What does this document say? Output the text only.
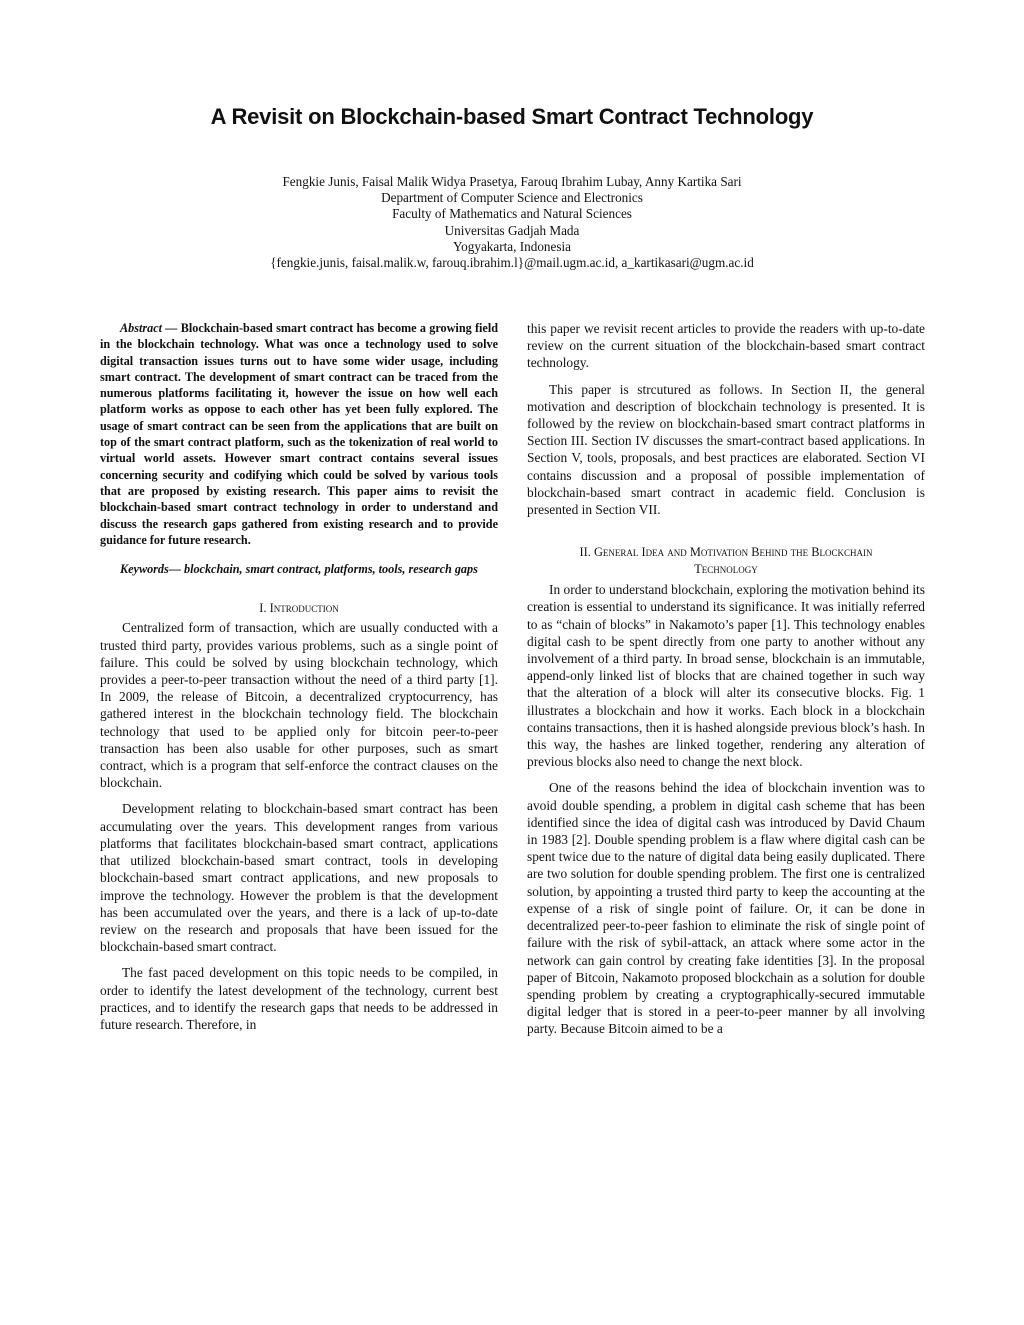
A Revisit on Blockchain-based Smart Contract Technology
Fengkie Junis, Faisal Malik Widya Prasetya, Farouq Ibrahim Lubay, Anny Kartika Sari
Department of Computer Science and Electronics
Faculty of Mathematics and Natural Sciences
Universitas Gadjah Mada
Yogyakarta, Indonesia
{fengkie.junis, faisal.malik.w, farouq.ibrahim.l}@mail.ugm.ac.id, a_kartikasari@ugm.ac.id

Abstract — Blockchain-based smart contract has become a growing field in the blockchain technology. What was once a technology used to solve digital transaction issues turns out to have some wider usage, including smart contract. The development of smart contract can be traced from the numerous platforms facilitating it, however the issue on how well each platform works as oppose to each other has yet been fully explored. The usage of smart contract can be seen from the applications that are built on top of the smart contract platform, such as the tokenization of real world to virtual world assets. However smart contract contains several issues concerning security and codifying which could be solved by various tools that are proposed by existing research. This paper aims to revisit the blockchain-based smart contract technology in order to understand and discuss the research gaps gathered from existing research and to provide guidance for future research.

Keywords— blockchain, smart contract, platforms, tools, research gaps

I. Introduction

Centralized form of transaction, which are usually conducted with a trusted third party, provides various problems, such as a single point of failure. This could be solved by using blockchain technology, which provides a peer-to-peer transaction without the need of a third party [1]. In 2009, the release of Bitcoin, a decentralized cryptocurrency, has gathered interest in the blockchain technology field. The blockchain technology that used to be applied only for bitcoin peer-to-peer transaction has been also usable for other purposes, such as smart contract, which is a program that self-enforce the contract clauses on the blockchain.

Development relating to blockchain-based smart contract has been accumulating over the years. This development ranges from various platforms that facilitates blockchain-based smart contract, applications that utilized blockchain-based smart contract, tools in developing blockchain-based smart contract applications, and new proposals to improve the technology. However the problem is that the development has been accumulated over the years, and there is a lack of up-to-date review on the research and proposals that have been issued for the blockchain-based smart contract.

The fast paced development on this topic needs to be compiled, in order to identify the latest development of the technology, current best practices, and to identify the research gaps that needs to be addressed in future research. Therefore, in

this paper we revisit recent articles to provide the readers with up-to-date review on the current situation of the blockchain-based smart contract technology.

This paper is strcutured as follows. In Section II, the general motivation and description of blockchain technology is presented. It is followed by the review on blockchain-based smart contract platforms in Section III. Section IV discusses the smart-contract based applications. In Section V, tools, proposals, and best practices are elaborated. Section VI contains discussion and a proposal of possible implementation of blockchain-based smart contract in academic field. Conclusion is presented in Section VII.

II. General Idea and Motivation Behind the Blockchain
Technology

In order to understand blockchain, exploring the motivation behind its creation is essential to understand its significance. It was initially referred to as “chain of blocks” in Nakamoto’s paper [1]. This technology enables digital cash to be spent directly from one party to another without any involvement of a third party. In broad sense, blockchain is an immutable, append-only linked list of blocks that are chained together in such way that the alteration of a block will alter its consecutive blocks. Fig. 1 illustrates a blockchain and how it works. Each block in a blockchain contains transactions, then it is hashed alongside previous block’s hash. In this way, the hashes are linked together, rendering any alteration of previous blocks also need to change the next block.

One of the reasons behind the idea of blockchain invention was to avoid double spending, a problem in digital cash scheme that has been identified since the idea of digital cash was introduced by David Chaum in 1983 [2]. Double spending problem is a flaw where digital cash can be spent twice due to the nature of digital data being easily duplicated. There are two solution for double spending problem. The first one is centralized solution, by appointing a trusted third party to keep the accounting at the expense of a risk of single point of failure. Or, it can be done in decentralized peer-to-peer fashion to eliminate the risk of single point of failure with the risk of sybil-attack, an attack where some actor in the network can gain control by creating fake identities [3]. In the proposal paper of Bitcoin, Nakamoto proposed blockchain as a solution for double spending problem by creating a cryptographically-secured immutable digital ledger that is stored in a peer-to-peer manner by all involving party. Because Bitcoin aimed to be a
